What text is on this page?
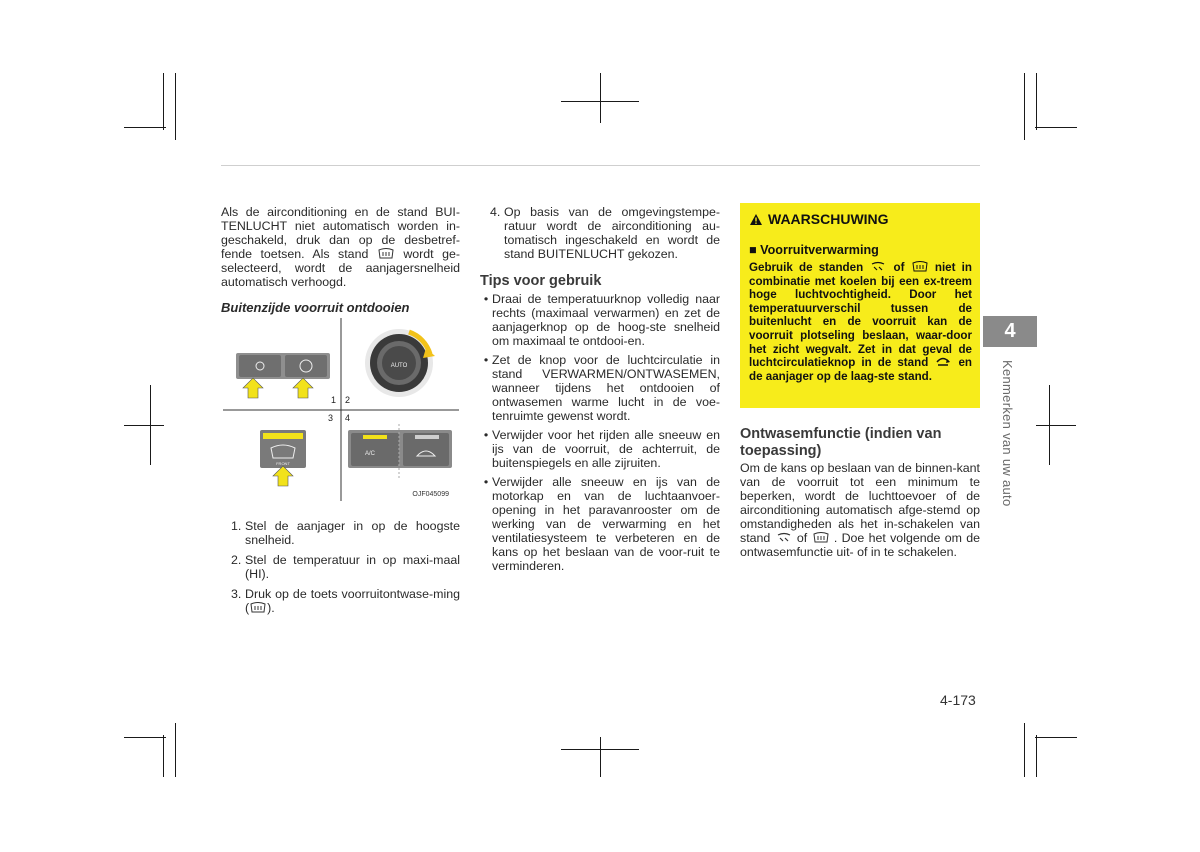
Als de airconditioning en de stand BUI-TENLUCHT niet automatisch worden in-geschakeld, druk dan op de desbetref-fende toetsen. Als stand	wordt ge-selecteerd, wordt de aanjagersnelheid automatisch verhoogd.

Buitenzijde voorruit ontdooien
AUTO
1 2
3 4
FRONT
A/C
OJF045099
1. Stel de aanjager in op de hoogste snelheid.
2. Stel de temperatuur in op maxi-maal (HI).
3. Druk op de toets voorruitontwase-ming ( ).
4. Op basis van de omgevingstempe-ratuur wordt de airconditioning au-tomatisch ingeschakeld en wordt de stand BUITENLUCHT gekozen.
Tips voor gebruik
• Draai de temperatuurknop volledig naar rechts (maximaal verwarmen) en zet de aanjagerknop op de hoog-ste snelheid om maximaal te ontdooi-en.
• Zet de knop voor de luchtcirculatie in stand VERWARMEN/ONTWASEMEN, wanneer tijdens het ontdooien of ontwasemen warme lucht in de voe-tenruimte gewenst wordt.
• Verwijder voor het rijden alle sneeuw en ijs van de voorruit, de achterruit, de buitenspiegels en alle zijruiten.
• Verwijder alle sneeuw en ijs van de motorkap en van de luchtaanvoer-opening in het paravanrooster om de werking van de verwarming en het ventilatiesysteem te verbeteren en de kans op het beslaan van de voor-ruit te verminderen.
WAARSCHUWING
■ Voorruitverwarming
Gebruik de standen	of	niet in combinatie met koelen bij een ex-treem hoge luchtvochtigheid. Door het temperatuurverschil tussen de buitenlucht en de voorruit kan de voorruit plotseling beslaan, waar-door het zicht wegvalt. Zet in dat geval de luchtcirculatieknop in de stand	en de aanjager op de laag-ste stand.
Ontwasemfunctie (indien van toepassing)

Om de kans op beslaan van de binnen-kant van de voorruit tot een minimum te beperken, wordt de luchttoevoer of de airconditioning automatisch afge-stemd op omstandigheden als het in-schakelen van stand of . Doe het volgende om de ontwasemfunctie uit- of in te schakelen.

4
Kenmerken van uw auto
4-173
